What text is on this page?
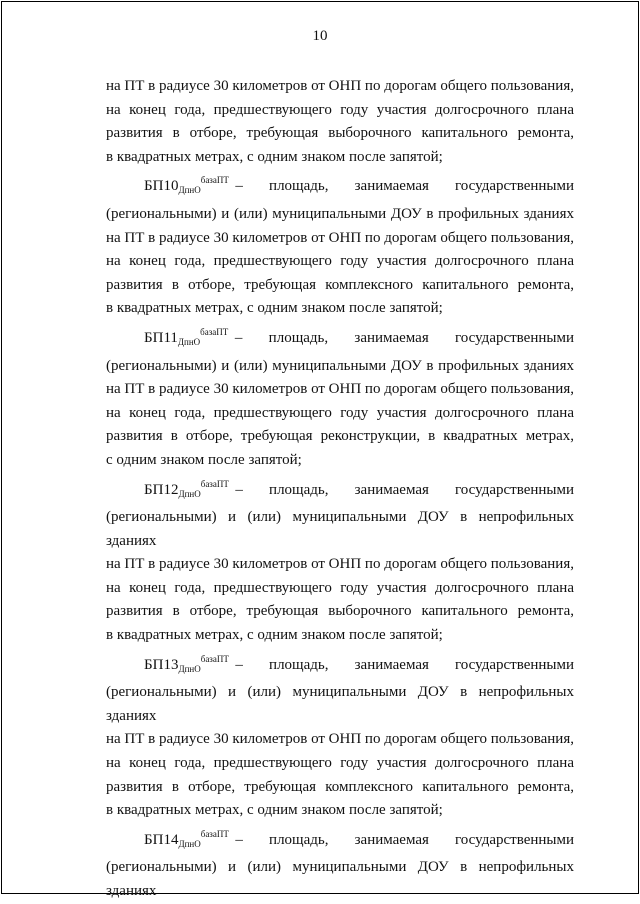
10
на ПТ в радиусе 30 километров от ОНП по дорогам общего пользования,
на конец года, предшествующего году участия долгосрочного плана
развития в отборе, требующая выборочного капитального ремонта,
в квадратных метрах, с одним знаком после запятой;
$БП10_{ДпнО}^{базаПТ}$ –    площадь,    занимаемая    государственными
(региональными) и (или) муниципальными ДОУ в профильных зданиях
на ПТ в радиусе 30 километров от ОНП по дорогам общего пользования,
на конец года, предшествующего году участия долгосрочного плана
развития в отборе, требующая комплексного капитального ремонта,
в квадратных метрах, с одним знаком после запятой;
$БП11_{ДпнО}^{базаПТ}$ –    площадь,    занимаемая    государственными
(региональными) и (или) муниципальными ДОУ в профильных зданиях
на ПТ в радиусе 30 километров от ОНП по дорогам общего пользования,
на конец года, предшествующего году участия долгосрочного плана
развития в отборе, требующая реконструкции, в квадратных метрах,
с одним знаком после запятой;
$БП12_{ДпнО}^{базаПТ}$ –    площадь,    занимаемая    государственными
(региональными) и (или) муниципальными ДОУ в непрофильных зданиях
на ПТ в радиусе 30 километров от ОНП по дорогам общего пользования,
на конец года, предшествующего году участия долгосрочного плана
развития в отборе, требующая выборочного капитального ремонта,
в квадратных метрах, с одним знаком после запятой;
$БП13_{ДпнО}^{базаПТ}$ –    площадь,    занимаемая    государственными
(региональными) и (или) муниципальными ДОУ в непрофильных зданиях
на ПТ в радиусе 30 километров от ОНП по дорогам общего пользования,
на конец года, предшествующего году участия долгосрочного плана
развития в отборе, требующая комплексного капитального ремонта,
в квадратных метрах, с одним знаком после запятой;
$БП14_{ДпнО}^{базаПТ}$ –    площадь,    занимаемая    государственными
(региональными) и (или) муниципальными ДОУ в непрофильных зданиях
